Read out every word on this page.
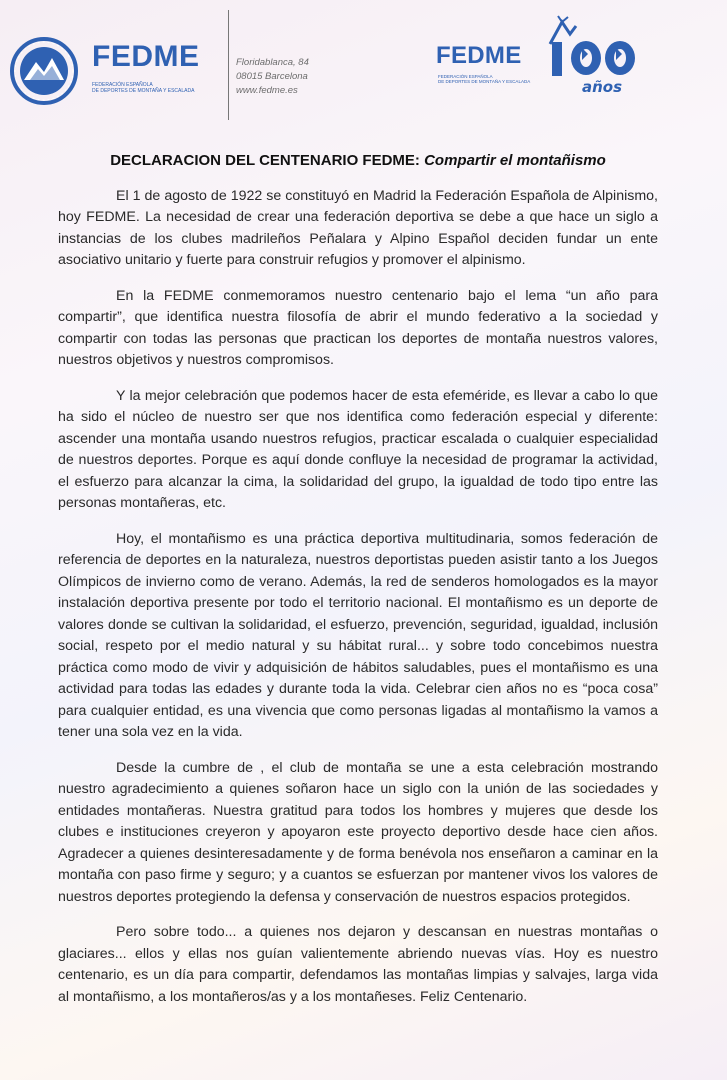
FEDME
FEDERACIÓN ESPAÑOLA
DE DEPORTES DE MONTAÑA Y ESCALADA
Floridablanca, 84
08015 Barcelona
www.fedme.es
FEDME
FEDERACIÓN ESPAÑOLA
DE DEPORTES DE MONTAÑA Y ESCALADA	años
DECLARACION DEL CENTENARIO FEDME: Compartir el montañismo

El 1 de agosto de 1922 se constituyó en Madrid la Federación Española de Alpinismo, hoy FEDME. La necesidad de crear una federación deportiva se debe a que hace un siglo a instancias de los clubes madrileños Peñalara y Alpino Español deciden fundar un ente asociativo unitario y fuerte para construir refugios y promover el alpinismo.

En la FEDME conmemoramos nuestro centenario bajo el lema “un año para compartir”, que identifica nuestra filosofía de abrir el mundo federativo a la sociedad y compartir con todas las personas que practican los deportes de montaña nuestros valores, nuestros objetivos y nuestros compromisos.

Y la mejor celebración que podemos hacer de esta efeméride, es llevar a cabo lo que ha sido el núcleo de nuestro ser que nos identifica como federación especial y diferente: ascender una montaña usando nuestros refugios, practicar escalada o cualquier especialidad de nuestros deportes. Porque es aquí donde confluye la necesidad de programar la actividad, el esfuerzo para alcanzar la cima, la solidaridad del grupo, la igualdad de todo tipo entre las personas montañeras, etc.

Hoy, el montañismo es una práctica deportiva multitudinaria, somos federación de referencia de deportes en la naturaleza, nuestros deportistas pueden asistir tanto a los Juegos Olímpicos de invierno como de verano. Además, la red de senderos homologados es la mayor instalación deportiva presente por todo el territorio nacional. El montañismo es un deporte de valores donde se cultivan la solidaridad, el esfuerzo, prevención, seguridad, igualdad, inclusión social, respeto por el medio natural y su hábitat rural... y sobre todo concebimos nuestra práctica como modo de vivir y adquisición de hábitos saludables, pues el montañismo es una actividad para todas las edades y durante toda la vida. Celebrar cien años no es “poca cosa” para cualquier entidad, es una vivencia que como personas ligadas al montañismo la vamos a tener una sola vez en la vida.

Desde la cumbre de , el club de montaña se une a esta celebración mostrando nuestro agradecimiento a quienes soñaron hace un siglo con la unión de las sociedades y entidades montañeras. Nuestra gratitud para todos los hombres y mujeres que desde los clubes e instituciones creyeron y apoyaron este proyecto deportivo desde hace cien años. Agradecer a quienes desinteresadamente y de forma benévola nos enseñaron a caminar en la montaña con paso firme y seguro; y a cuantos se esfuerzan por mantener vivos los valores de nuestros deportes protegiendo la defensa y conservación de nuestros espacios protegidos.

Pero sobre todo... a quienes nos dejaron y descansan en nuestras montañas o glaciares... ellos y ellas nos guían valientemente abriendo nuevas vías. Hoy es nuestro centenario, es un día para compartir, defendamos las montañas limpias y salvajes, larga vida al montañismo, a los montañeros/as y a los montañeses. Feliz Centenario.
